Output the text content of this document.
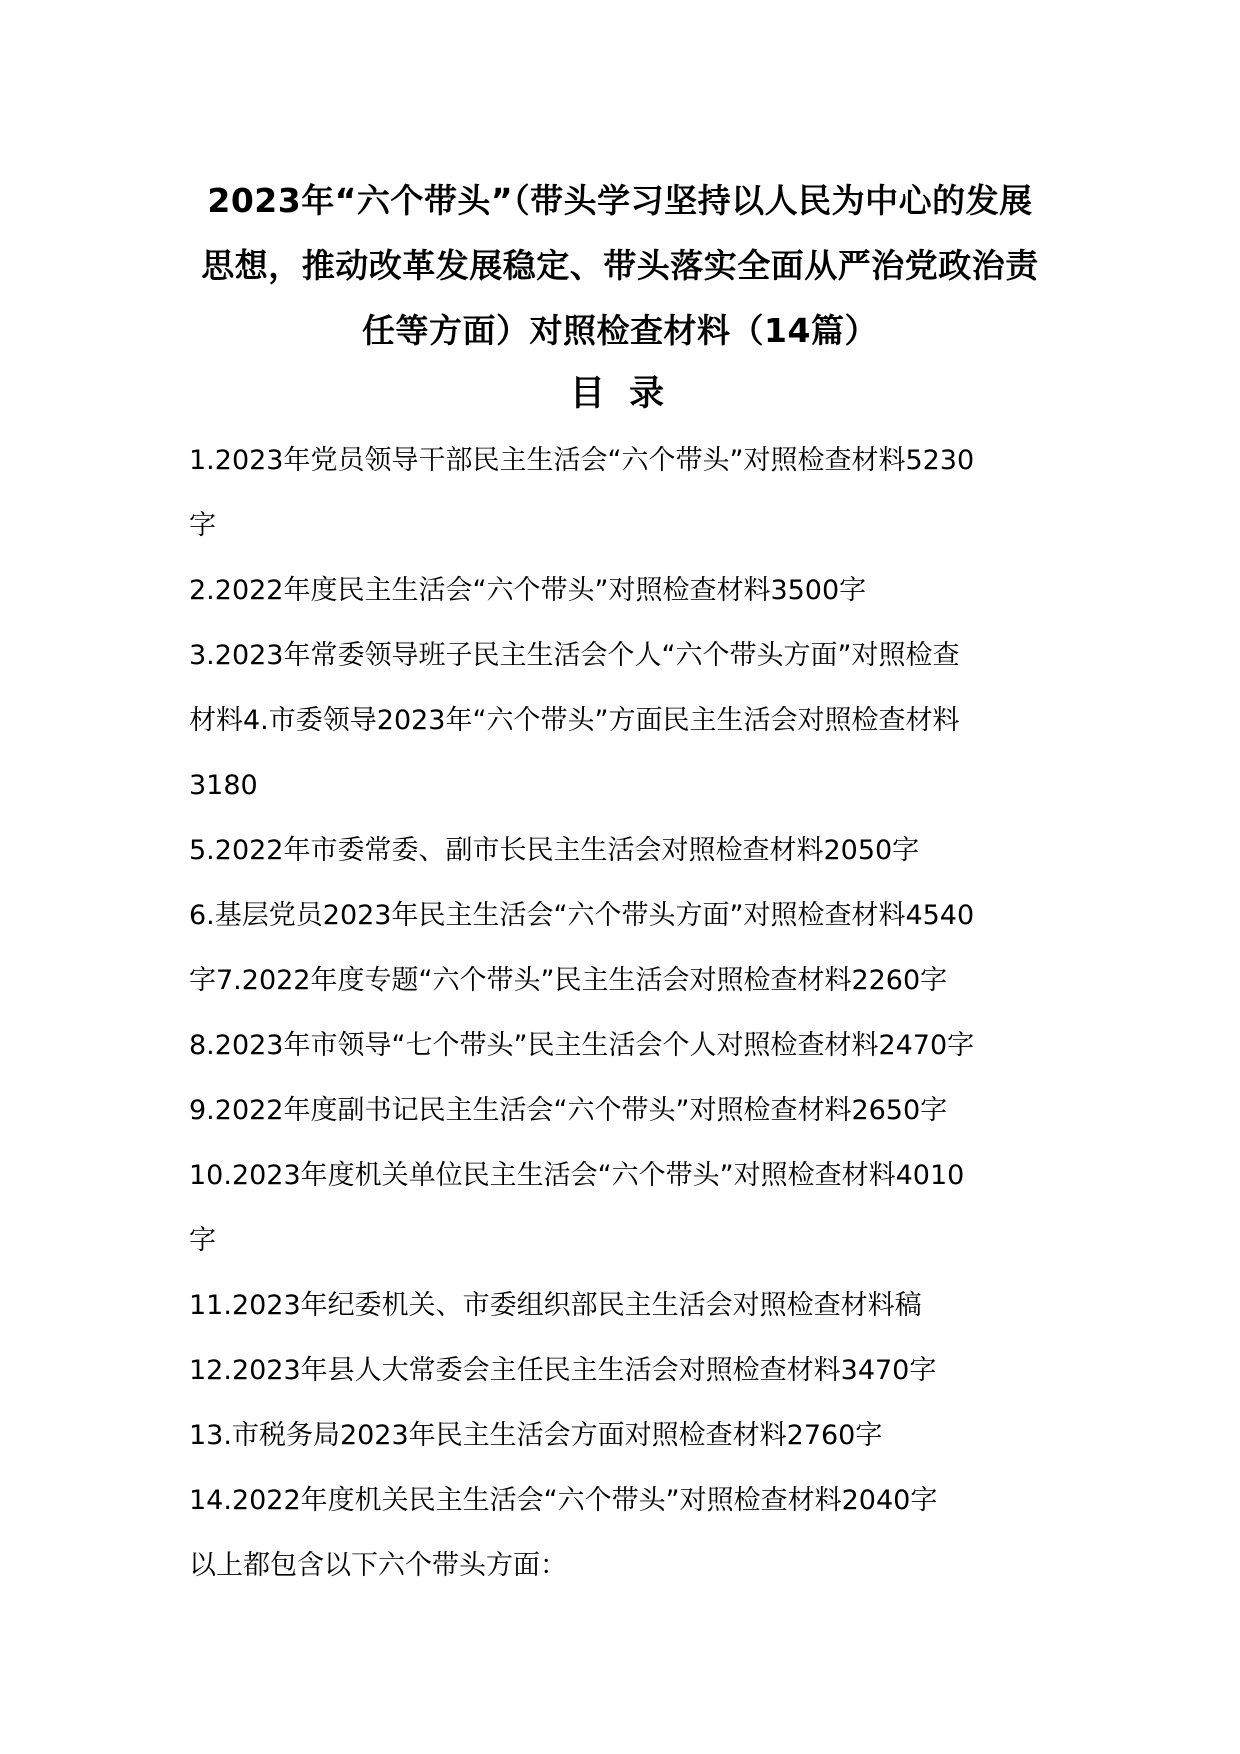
2023年“六个带头”（带头学习坚持以人民为中心的发展
思想，推动改革发展稳定、带头落实全面从严治党政治责
任等方面）对照检查材料（14篇）
目 录
1.2023年党员领导干部民主生活会“六个带头”对照检查材料5230
字
2.2022年度民主生活会“六个带头”对照检查材料3500字
3.2023年常委领导班子民主生活会个人“六个带头方面”对照检查
材料4.市委领导2023年“六个带头”方面民主生活会对照检查材料
3180
5.2022年市委常委、副市长民主生活会对照检查材料2050字
6.基层党员2023年民主生活会“六个带头方面”对照检查材料4540
字7.2022年度专题“六个带头”民主生活会对照检查材料2260字
8.2023年市领导“七个带头”民主生活会个人对照检查材料2470字
9.2022年度副书记民主生活会“六个带头”对照检查材料2650字
10.2023年度机关单位民主生活会“六个带头”对照检查材料4010
字
11.2023年纪委机关、市委组织部民主生活会对照检查材料稿
12.2023年县人大常委会主任民主生活会对照检查材料3470字
13.市税务局2023年民主生活会方面对照检查材料2760字
14.2022年度机关民主生活会“六个带头”对照检查材料2040字
以上都包含以下六个带头方面：
